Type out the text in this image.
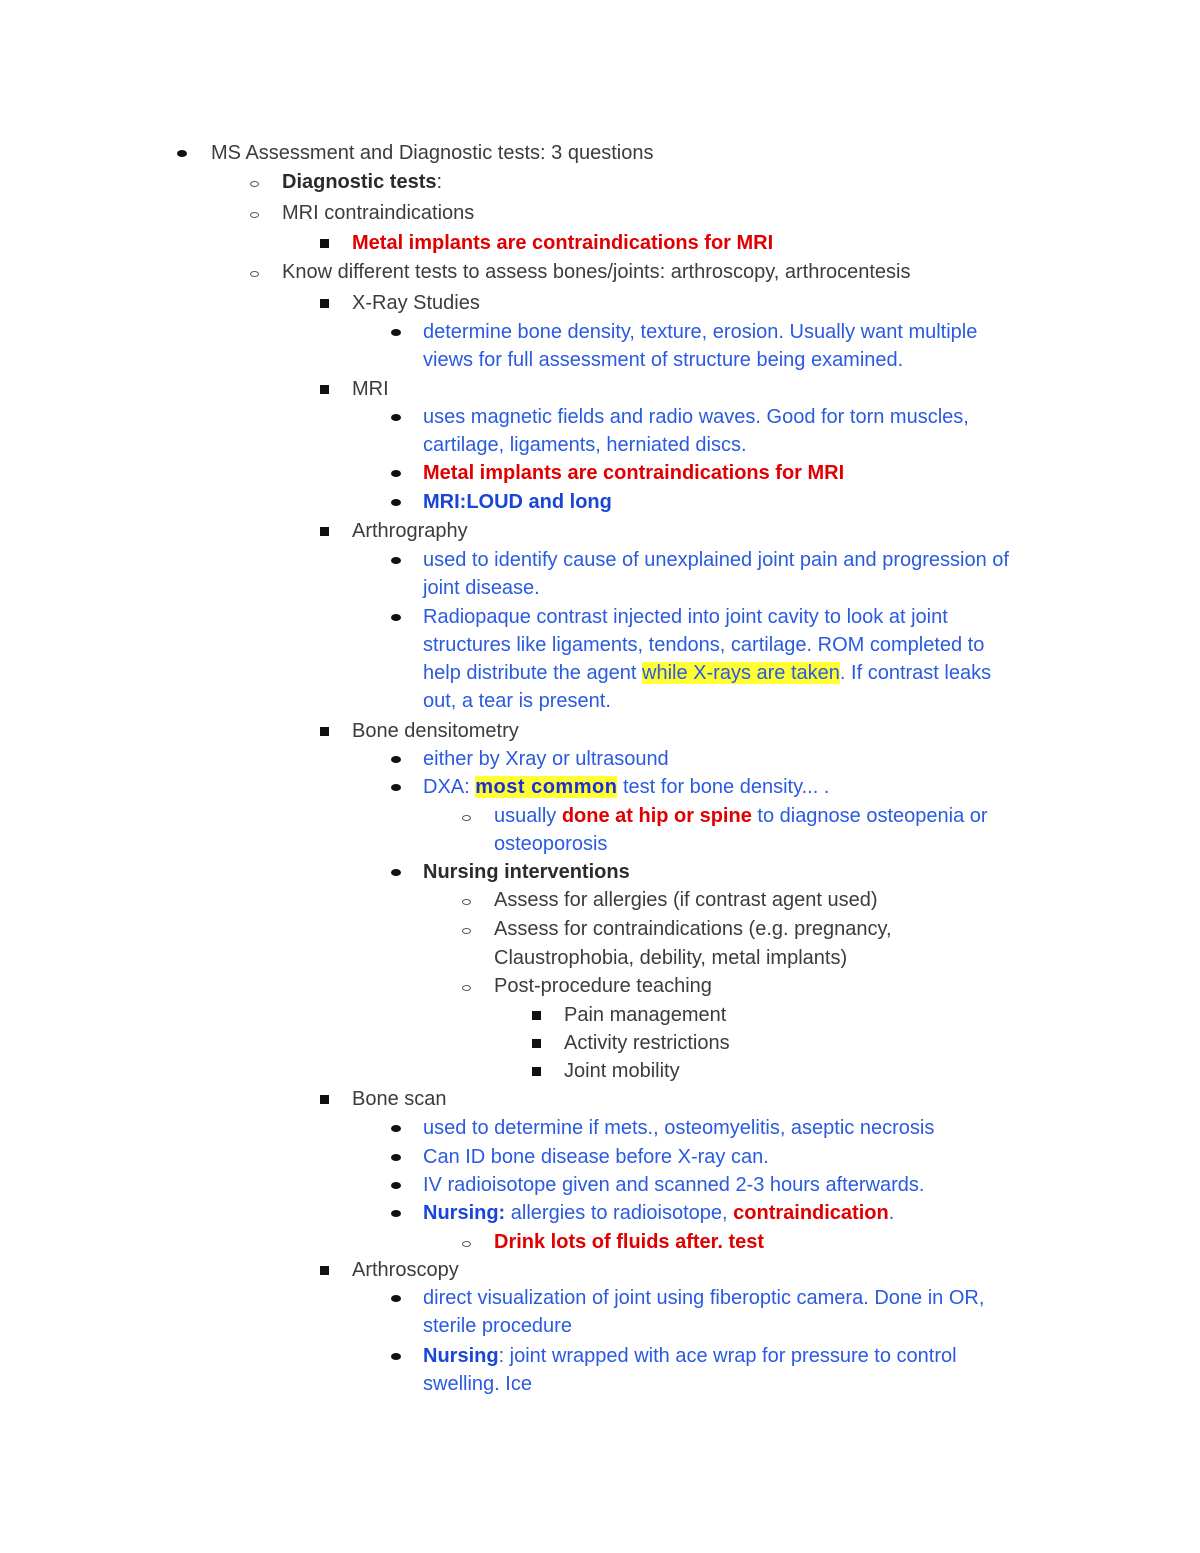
MS Assessment and Diagnostic tests: 3 questions
Diagnostic tests:
MRI contraindications
Metal implants are contraindications for MRI
Know different tests to assess bones/joints: arthroscopy, arthrocentesis
X-Ray Studies
determine bone density, texture, erosion. Usually want multiple
views for full assessment of structure being examined.
MRI
uses magnetic fields and radio waves. Good for torn muscles,
cartilage, ligaments, herniated discs.
Metal implants are contraindications for MRI
MRI:LOUD and long
Arthrography
used to identify cause of unexplained joint pain and progression of
joint disease.
Radiopaque contrast injected into joint cavity to look at joint
structures like ligaments, tendons, cartilage. ROM completed to
help distribute the agent while X-rays are taken. If contrast leaks
out, a tear is present.
Bone densitometry
either by Xray or ultrasound
DXA: most common test for bone density... .
usually done at hip or spine to diagnose osteopenia or
osteoporosis
Nursing interventions
Assess for allergies (if contrast agent used)
Assess for contraindications (e.g. pregnancy,
Claustrophobia, debility, metal implants)
Post-procedure teaching
Pain management
Activity restrictions
Joint mobility
Bone scan
used to determine if mets., osteomyelitis, aseptic necrosis
Can ID bone disease before X-ray can.
IV radioisotope given and scanned 2-3 hours afterwards.
Nursing: allergies to radioisotope, contraindication.
Drink lots of fluids after. test
Arthroscopy
direct visualization of joint using fiberoptic camera. Done in OR,
sterile procedure
Nursing: joint wrapped with ace wrap for pressure to control
swelling. Ice
